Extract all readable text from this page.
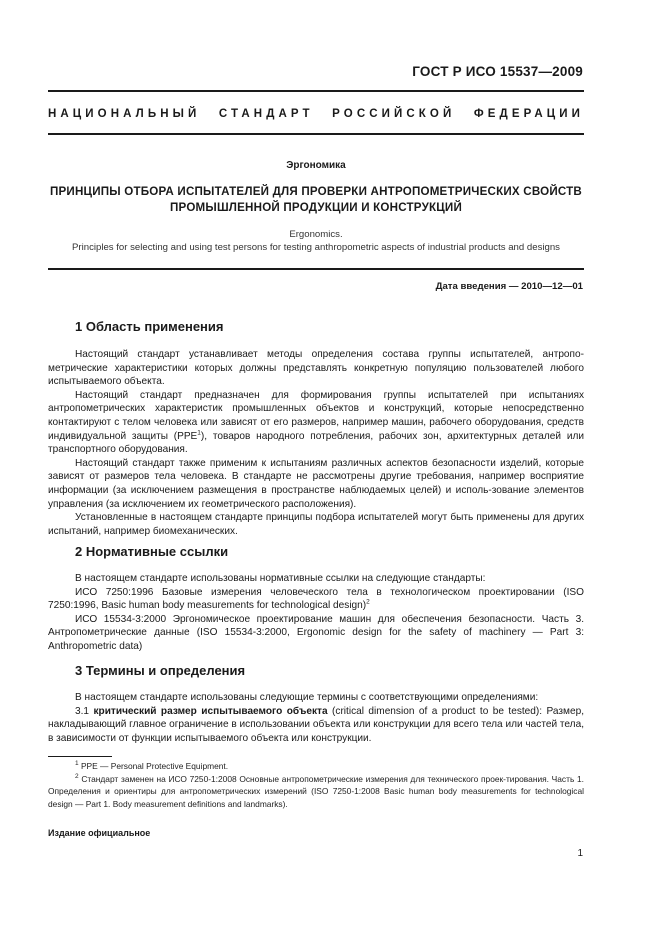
ГОСТ Р ИСО 15537—2009
НАЦИОНАЛЬНЫЙ СТАНДАРТ РОССИЙСКОЙ ФЕДЕРАЦИИ
Эргономика
ПРИНЦИПЫ ОТБОРА ИСПЫТАТЕЛЕЙ ДЛЯ ПРОВЕРКИ АНТРОПОМЕТРИЧЕСКИХ СВОЙСТВ
ПРОМЫШЛЕННОЙ ПРОДУКЦИИ И КОНСТРУКЦИЙ
Ergonomics.
Principles for selecting and using test persons for testing anthropometric aspects of industrial products and designs
Дата введения — 2010—12—01
1 Область применения

Настоящий стандарт устанавливает методы определения состава группы испытателей, антропо-метрические характеристики которых должны представлять конкретную популяцию пользователей любого испытываемого объекта.

Настоящий стандарт предназначен для формирования группы испытателей при испытаниях антропометрических характеристик промышленных объектов и конструкций, которые непосредственно контактируют с телом человека или зависят от его размеров, например машин, рабочего оборудования, средств индивидуальной защиты (PPE$^1$), товаров народного потребления, рабочих зон, архитектурных деталей или транспортного оборудования.

Настоящий стандарт также применим к испытаниям различных аспектов безопасности изделий, которые зависят от размеров тела человека. В стандарте не рассмотрены другие требования, например восприятие информации (за исключением размещения в пространстве наблюдаемых целей) и исполь-зование элементов управления (за исключением их геометрического расположения).

Установленные в настоящем стандарте принципы подбора испытателей могут быть применены для других испытаний, например биомеханических.

2 Нормативные ссылки

В настоящем стандарте использованы нормативные ссылки на следующие стандарты:

ИСО 7250:1996 Базовые измерения человеческого тела в технологическом проектировании (ISO 7250:1996, Basic human body measurements for technological design)$^2$

ИСО 15534-3:2000 Эргономическое проектирование машин для обеспечения безопасности. Часть 3. Антропометрические данные (ISO 15534-3:2000, Ergonomic design for the safety of machinery — Part 3: Anthropometric data)

3 Термины и определения

В настоящем стандарте использованы следующие термины с соответствующими определениями:

3.1 критический размер испытываемого объекта (critical dimension of a product to be tested): Размер, накладывающий главное ограничение в использовании объекта или конструкции для всего тела или частей тела, в зависимости от функции испытываемого объекта или конструкции.

$^1$ PPE — Personal Protective Equipment.

$^2$ Стандарт заменен на ИСО 7250-1:2008 Основные антропометрические измерения для технического проек-тирования. Часть 1. Определения и ориентиры для антропометрических измерений (ISO 7250-1:2008 Basic human body measurements for technological design — Part 1. Body measurement definitions and landmarks).

Издание официальное
1
